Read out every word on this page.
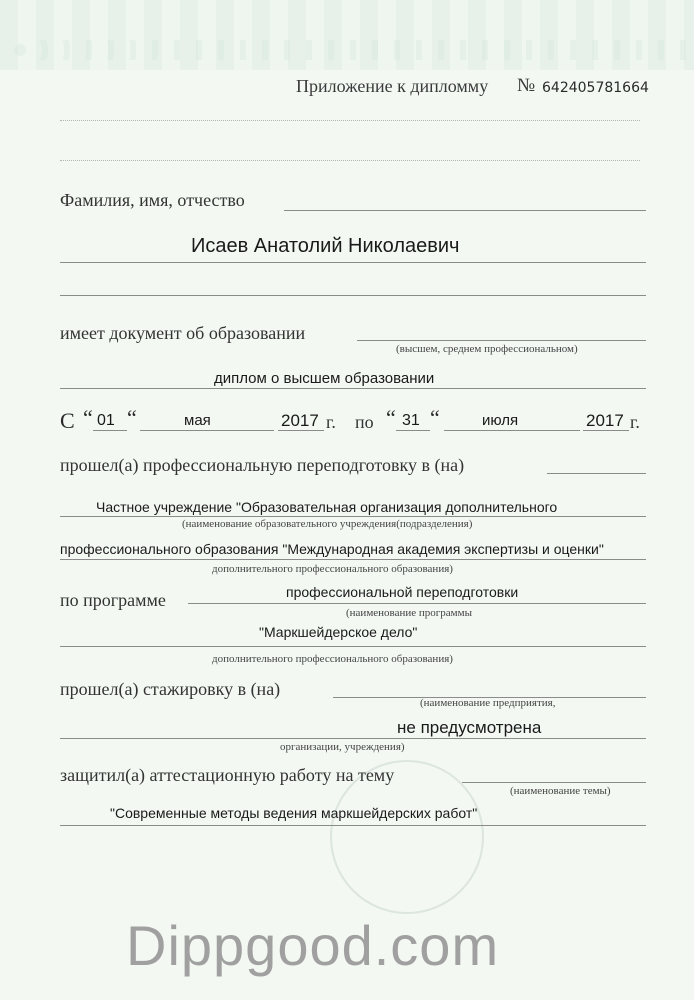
Приложение к дипломму № 642405781664
Фамилия, имя, отчество
Исаев Анатолий Николаевич
имеет документ об образовании
(высшем, среднем профессиональном)
диплом о высшем образовании
С “ 01 “	мая	2017 г. по “ 31 “	июля	2017 г.
прошел(а) профессиональную переподготовку в (на)
Частное учреждение "Образовательная организация дополнительного
(наименование образовательного учреждения(подразделения)
профессионального образования "Международная академия экспертизы и оценки"
дополнительного профессионального образования)
по программе	профессиональной переподготовки
(наименование программы
"Маркшейдерское дело"
дополнительного профессионального образования)
прошел(а) стажировку в (на)
(наименование предприятия,
не предусмотрена
организации, учреждения)
защитил(а) аттестационную работу на тему
(наименование темы)
"Современные методы ведения маркшейдерских работ"
Dippgood.com
